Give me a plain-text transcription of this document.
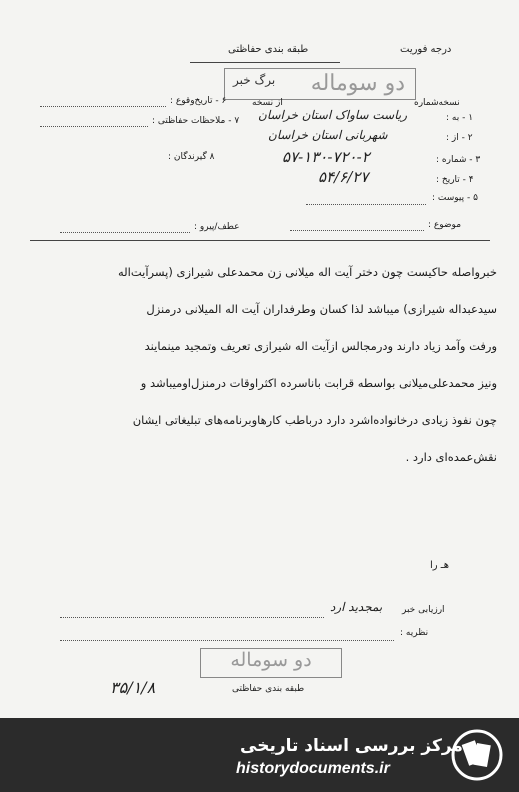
طبقه بندی حفاظتی	درجه فوریت
برگ خبر دو سوماله
نسخه‌شماره
از نسخه
۱ - به :
ریاست ساواک استان خراسان
۲ - از :
شهربانی استان خراسان
۳ - شماره :
۵۷-۱۳۰-۷۲۰-۲
۴ - تاریخ :
۵۴/۶/۲۷
۵ - پیوست :
۶ - تاریخ‌وقوع :
۷ - ملاحظات حفاظتی :
۸ گیرندگان :
موضوع :
عطف/پیرو :
خبرواصله حاکیست چون دختر آیت اله میلانی زن محمدعلی شیرازی (پسرآیت‌اله
سیدعبداله شیرازی) میباشد لذا کسان وطرفداران آیت اله المیلانی درمنزل
ورفت وآمد زیاد دارند ودرمجالس ازآیت اله شیرازی تعریف وتمجید مینمایند
ونیز محمدعلی‌میلانی بواسطه قرابت باناسرده اکثراوقات درمنزل‌اومیباشد و
چون نفوذ زیادی درخانواده‌اشرد دارد درباطب کارهاوبرنامه‌های تبلیغاتی ایشان
نقش‌عمده‌ای دارد .
هـ را
ارزیابی خبر
بمجدید ارد
نظریه :
دو سوماله
طبقه بندی حفاظتی
۳۵/۱/۸
مرکز بررسی اسناد تاریخی
historydocuments.ir
